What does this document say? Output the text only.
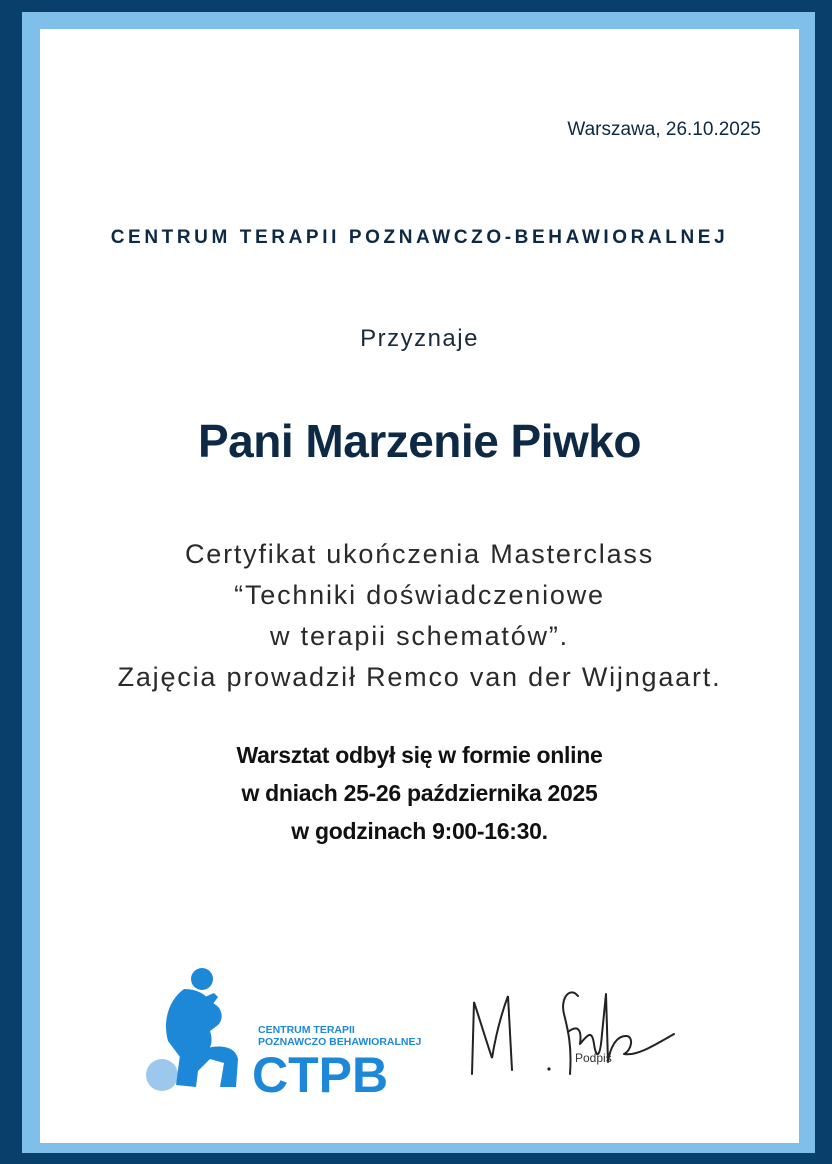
Warszawa, 26.10.2025

CENTRUM TERAPII POZNAWCZO-BEHAWIORALNEJ

Przyznaje

Pani Marzenie Piwko

Certyfikat ukończenia Masterclass
“Techniki doświadczeniowe
w terapii schematów”.
Zajęcia prowadził Remco van der Wijngaart.

Warsztat odbył się w formie online
w dniach 25-26 października 2025
w godzinach 9:00-16:30.

CENTRUM TERAPII
POZNAWCZO BEHAWIORALNEJ
CTPB	Podpis
